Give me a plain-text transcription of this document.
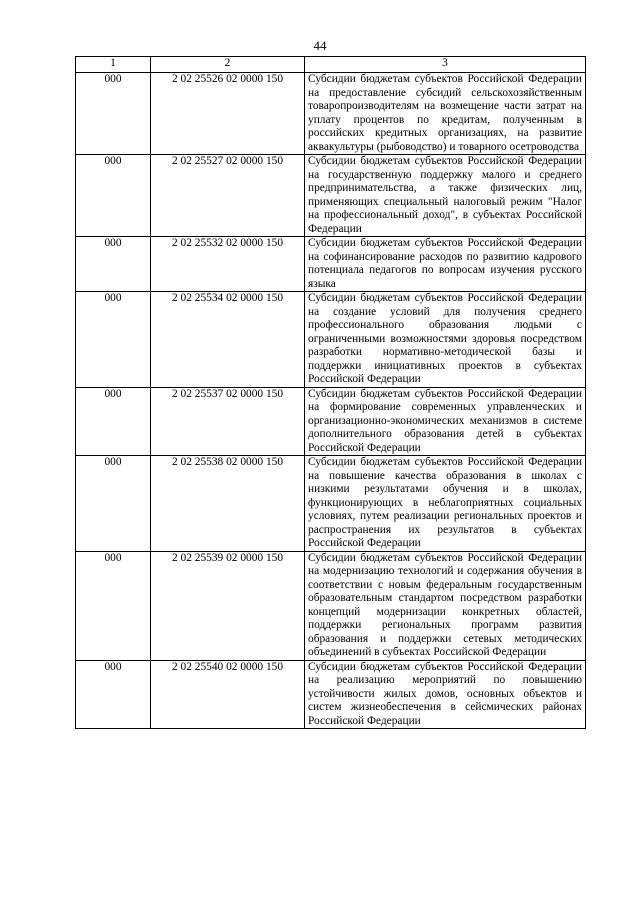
44
1	2	3
000	2 02 25526 02 0000 150	Субсидии бюджетам субъектов Российской Федерации на предоставление субсидий сельскохозяйственным товаропроизводителям на возмещение части затрат на уплату процентов по кредитам, полученным в российских кредитных организациях, на развитие аквакультуры (рыбоводство) и товарного осетроводства
000	2 02 25527 02 0000 150	Субсидии бюджетам субъектов Российской Федерации на государственную поддержку малого и среднего предпринимательства, а также физических лиц, применяющих специальный налоговый режим "Налог на профессиональный доход", в субъектах Российской Федерации
000	2 02 25532 02 0000 150	Субсидии бюджетам субъектов Российской Федерации на софинансирование расходов по развитию кадрового потенциала педагогов по вопросам изучения русского языка
000	2 02 25534 02 0000 150	Субсидии бюджетам субъектов Российской Федерации на создание условий для получения среднего профессионального образования людьми с ограниченными возможностями здоровья посредством разработки нормативно-методической базы и поддержки инициативных проектов в субъектах Российской Федерации
000	2 02 25537 02 0000 150	Субсидии бюджетам субъектов Российской Федерации на формирование современных управленческих и организационно-экономических механизмов в системе дополнительного образования детей в субъектах Российской Федерации
000	2 02 25538 02 0000 150	Субсидии бюджетам субъектов Российской Федерации на повышение качества образования в школах с низкими результатами обучения и в школах, функционирующих в неблагоприятных социальных условиях, путем реализации региональных проектов и распространения их результатов в субъектах Российской Федерации
000	2 02 25539 02 0000 150	Субсидии бюджетам субъектов Российской Федерации на модернизацию технологий и содержания обучения в соответствии с новым федеральным государственным образовательным стандартом посредством разработки концепций модернизации конкретных областей, поддержки региональных программ развития образования и поддержки сетевых методических объединений в субъектах Российской Федерации
000	2 02 25540 02 0000 150	Субсидии бюджетам субъектов Российской Федерации на реализацию мероприятий по повышению устойчивости жилых домов, основных объектов и систем жизнеобеспечения в сейсмических районах Российской Федерации
